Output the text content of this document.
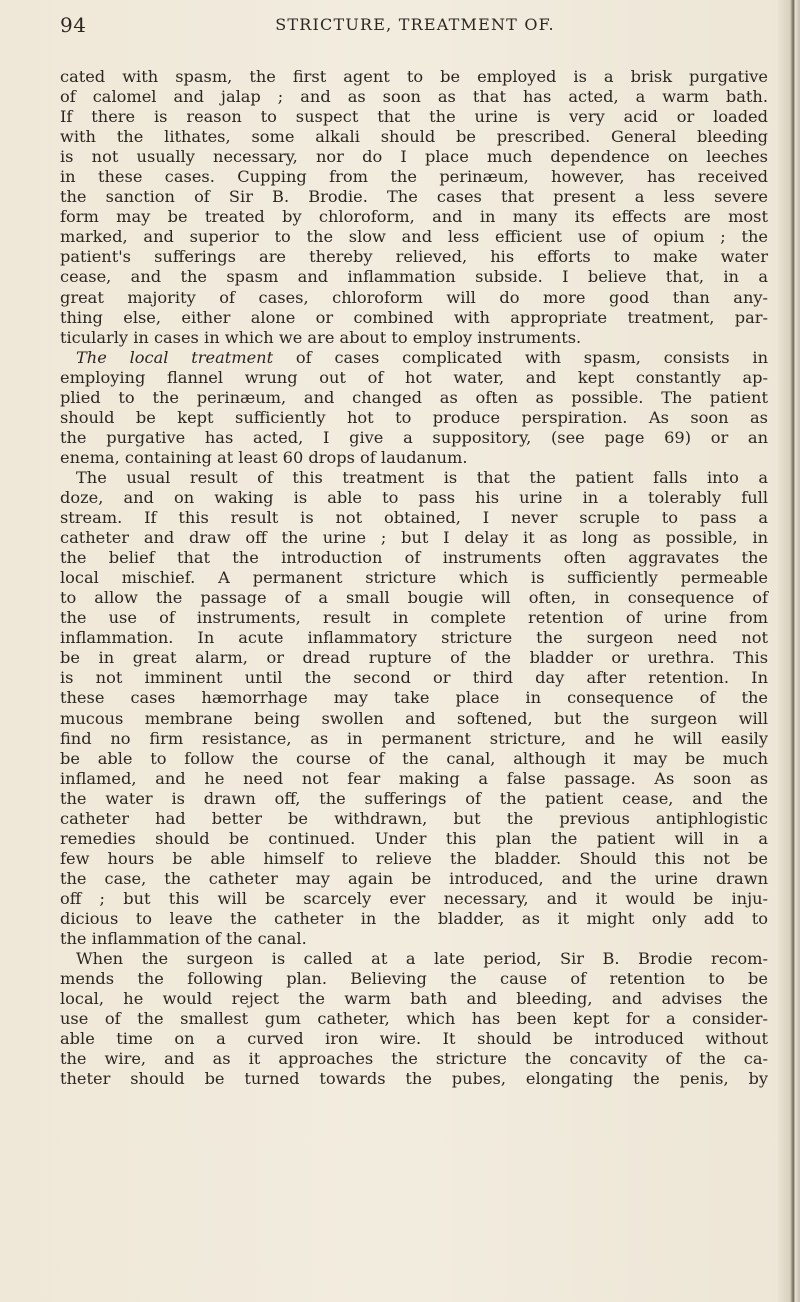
94	STRICTURE, TREATMENT OF.
cated with spasm, the first agent to be employed is a brisk purgative
of calomel and jalap ; and as soon as that has acted, a warm bath.
If there is reason to suspect that the urine is very acid or loaded
with the lithates, some alkali should be prescribed. General bleeding
is not usually necessary, nor do I place much dependence on leeches
in these cases. Cupping from the perinæum, however, has received
the sanction of Sir B. Brodie. The cases that present a less severe
form may be treated by chloroform, and in many its effects are most
marked, and superior to the slow and less efficient use of opium ; the
patient's sufferings are thereby relieved, his efforts to make water
cease, and the spasm and inflammation subside. I believe that, in a
great majority of cases, chloroform will do more good than any-
thing else, either alone or combined with appropriate treatment, par-
ticularly in cases in which we are about to employ instruments.
The local treatment of cases complicated with spasm, consists in
employing flannel wrung out of hot water, and kept constantly ap-
plied to the perinæum, and changed as often as possible. The patient
should be kept sufficiently hot to produce perspiration. As soon as
the purgative has acted, I give a suppository, (see page 69) or an
enema, containing at least 60 drops of laudanum.
The usual result of this treatment is that the patient falls into a
doze, and on waking is able to pass his urine in a tolerably full
stream. If this result is not obtained, I never scruple to pass a
catheter and draw off the urine ; but I delay it as long as possible, in
the belief that the introduction of instruments often aggravates the
local mischief. A permanent stricture which is sufficiently permeable
to allow the passage of a small bougie will often, in consequence of
the use of instruments, result in complete retention of urine from
inflammation. In acute inflammatory stricture the surgeon need not
be in great alarm, or dread rupture of the bladder or urethra. This
is not imminent until the second or third day after retention. In
these cases hæmorrhage may take place in consequence of the
mucous membrane being swollen and softened, but the surgeon will
find no firm resistance, as in permanent stricture, and he will easily
be able to follow the course of the canal, although it may be much
inflamed, and he need not fear making a false passage. As soon as
the water is drawn off, the sufferings of the patient cease, and the
catheter had better be withdrawn, but the previous antiphlogistic
remedies should be continued. Under this plan the patient will in a
few hours be able himself to relieve the bladder. Should this not be
the case, the catheter may again be introduced, and the urine drawn
off ; but this will be scarcely ever necessary, and it would be inju-
dicious to leave the catheter in the bladder, as it might only add to
the inflammation of the canal.
When the surgeon is called at a late period, Sir B. Brodie recom-
mends the following plan. Believing the cause of retention to be
local, he would reject the warm bath and bleeding, and advises the
use of the smallest gum catheter, which has been kept for a consider-
able time on a curved iron wire. It should be introduced without
the wire, and as it approaches the stricture the concavity of the ca-
theter should be turned towards the pubes, elongating the penis, by
